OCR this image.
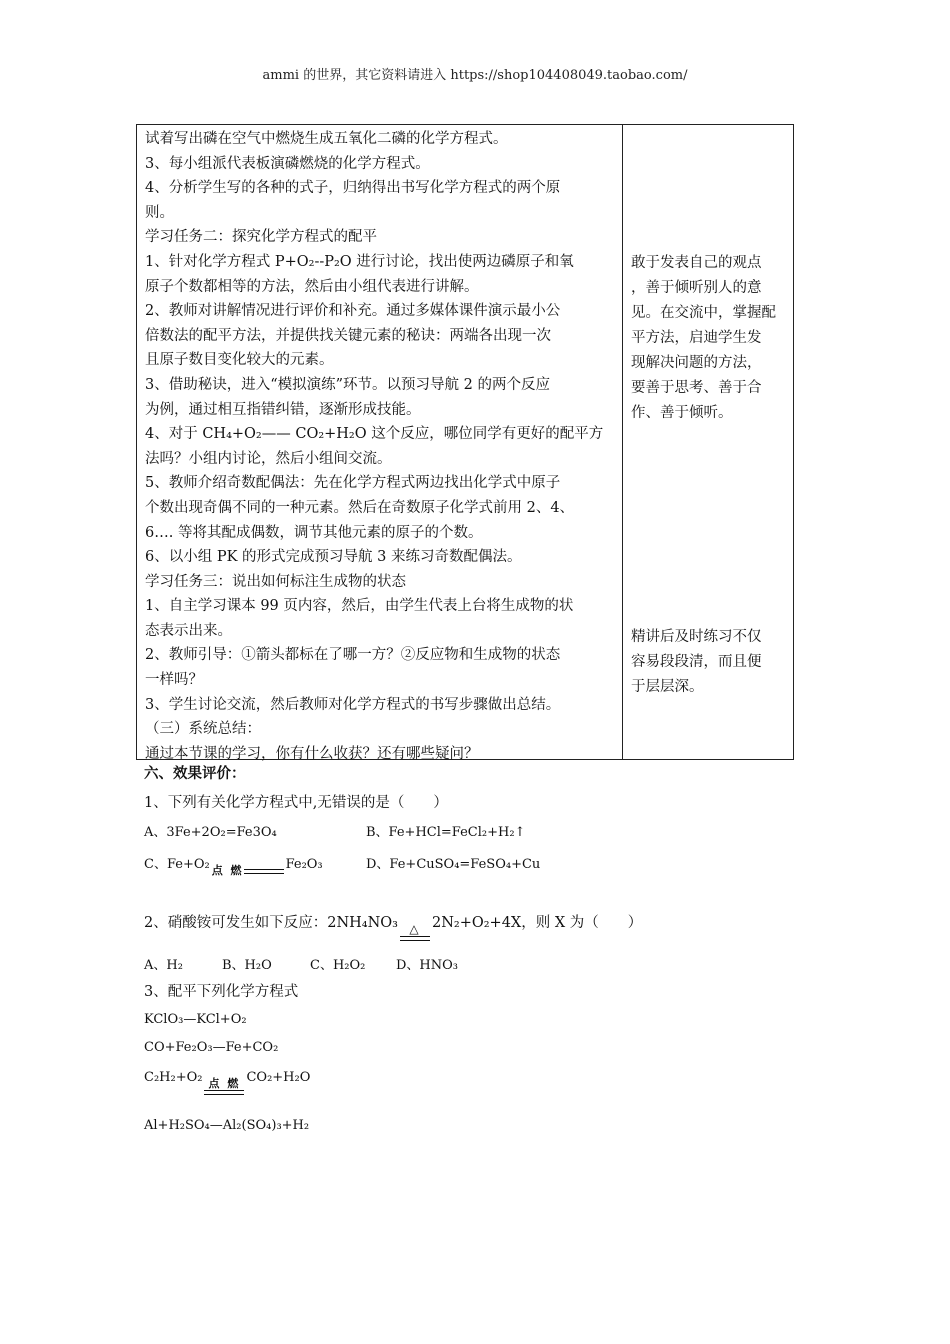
ammi 的世界，其它资料请进入 https://shop104408049.taobao.com/
试着写出磷在空气中燃烧生成五氧化二磷的化学方程式。
3、每小组派代表板演磷燃烧的化学方程式。
4、分析学生写的各种的式子，归纳得出书写化学方程式的两个原
则。
学习任务二：探究化学方程式的配平
1、针对化学方程式 P+O₂--P₂O 进行讨论，找出使两边磷原子和氧
原子个数都相等的方法，然后由小组代表进行讲解。
2、教师对讲解情况进行评价和补充。通过多媒体课件演示最小公
倍数法的配平方法，并提供找关键元素的秘诀：两端各出现一次
且原子数目变化较大的元素。
3、借助秘诀，进入“模拟演练”环节。以预习导航 2 的两个反应
为例，通过相互指错纠错，逐渐形成技能。
4、对于 CH₄+O₂—— CO₂+H₂O 这个反应，哪位同学有更好的配平方
法吗？小组内讨论，然后小组间交流。
5、教师介绍奇数配偶法：先在化学方程式两边找出化学式中原子
个数出现奇偶不同的一种元素。然后在奇数原子化学式前用 2、4、
6…. 等将其配成偶数，调节其他元素的原子的个数。
6、以小组 PK 的形式完成预习导航 3 来练习奇数配偶法。
学习任务三：说出如何标注生成物的状态
1、自主学习课本 99 页内容，然后，由学生代表上台将生成物的状
态表示出来。
2、教师引导：①箭头都标在了哪一方？②反应物和生成物的状态
一样吗？
3、学生讨论交流，然后教师对化学方程式的书写步骤做出总结。
（三）系统总结：
通过本节课的学习，你有什么收获？还有哪些疑问？
敢于发表自己的观点
，善于倾听别人的意
见。在交流中，掌握配
平方法，启迪学生发
现解决问题的方法，
要善于思考、善于合
作、善于倾听。
精讲后及时练习不仅
容易段段清，而且便
于层层深。
六、效果评价：
1、下列有关化学方程式中,无错误的是（　　）
A、3Fe+2O₂=Fe3O₄	B、Fe+HCl=FeCl₂+H₂↑
C、Fe+O₂ 点 燃	Fe₂O₃	D、Fe+CuSO₄=FeSO₄+Cu
2、硝酸铵可发生如下反应：2NH₄NO₃ △ 2N₂+O₂+4X，则 X 为（　　）
A、H₂	B、H₂O	C、H₂O₂ D、HNO₃
3、配平下列化学方程式
KClO₃—KCl+O₂
CO+Fe₂O₃—Fe+CO₂
C₂H₂+O₂ 点 燃 CO₂+H₂O
Al+H₂SO₄—Al₂(SO₄)₃+H₂
